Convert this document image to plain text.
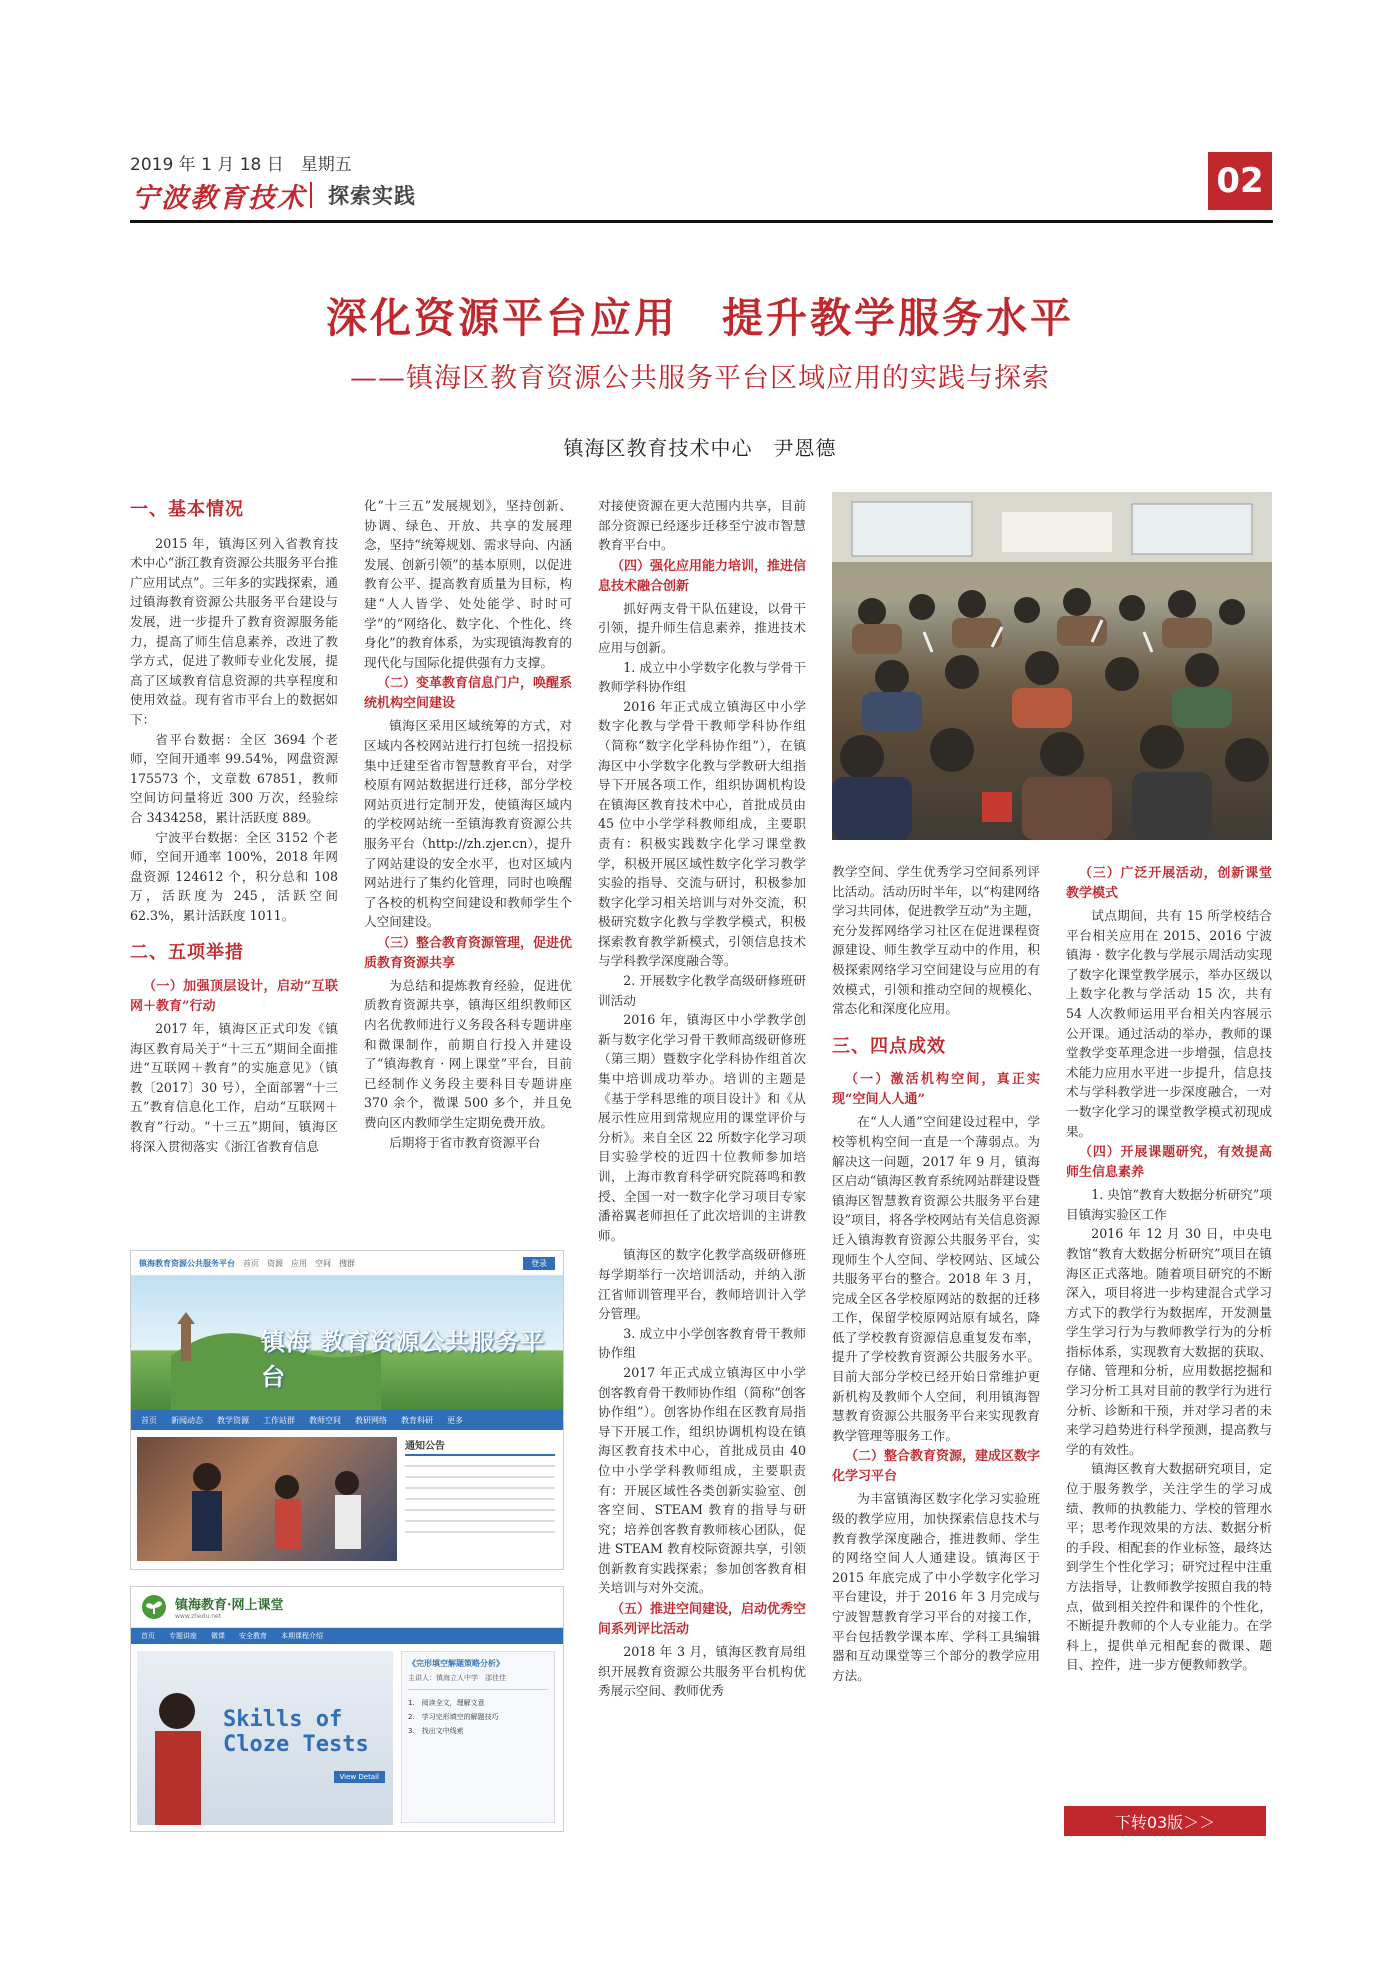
2019 年 1 月 18 日　星期五
宁波教育技术 探索实践	02
深化资源平台应用　提升教学服务水平
——镇海区教育资源公共服务平台区域应用的实践与探索
镇海区教育技术中心　尹恩德
一、基本情况

2015 年，镇海区列入省教育技术中心“浙江教育资源公共服务平台推广应用试点”。三年多的实践探索，通过镇海教育资源公共服务平台建设与发展，进一步提升了教育资源服务能力，提高了师生信息素养，改进了教学方式，促进了教师专业化发展，提高了区域教育信息资源的共享程度和使用效益。现有省市平台上的数据如下：

省平台数据：全区 3694 个老师，空间开通率 99.54%，网盘资源 175573 个，文章数 67851，教师空间访问量将近 300 万次，经验综合 3434258，累计活跃度 889。

宁波平台数据：全区 3152 个老师，空间开通率 100%，2018 年网盘资源 124612 个，积分总和 108 万，活跃度为 245，活跃空间 62.3%，累计活跃度 1011。

二、五项举措
（一）加强顶层设计，启动“互联网＋教育”行动

2017 年，镇海区正式印发《镇海区教育局关于“十三五”期间全面推进“互联网＋教育”的实施意见》（镇教〔2017〕30 号），全面部署“十三五”教育信息化工作，启动“互联网＋教育”行动。“十三五”期间，镇海区将深入贯彻落实《浙江省教育信息

化“十三五”发展规划》，坚持创新、协调、绿色、开放、共享的发展理念，坚持“统筹规划、需求导向、内涵发展、创新引领”的基本原则，以促进教育公平、提高教育质量为目标，构建“人人皆学、处处能学、时时可学”的“网络化、数字化、个性化、终身化”的教育体系，为实现镇海教育的现代化与国际化提供强有力支撑。

（二）变革教育信息门户，唤醒系统机构空间建设

镇海区采用区域统筹的方式，对区域内各校网站进行打包统一招投标集中迁建至省市智慧教育平台，对学校原有网站数据进行迁移，部分学校网站页进行定制开发，使镇海区域内的学校网站统一至镇海教育资源公共服务平台（http://zh.zjer.cn），提升了网站建设的安全水平，也对区域内网站进行了集约化管理，同时也唤醒了各校的机构空间建设和教师学生个人空间建设。

（三）整合教育资源管理，促进优质教育资源共享

为总结和提炼教育经验，促进优质教育资源共享，镇海区组织教师区内名优教师进行义务段各科专题讲座和微课制作，前期自行投入并建设了“镇海教育 · 网上课堂”平台，目前已经制作义务段主要科目专题讲座 370 余个，微课 500 多个，并且免费向区内教师学生定期免费开放。

后期将于省市教育资源平台

对接使资源在更大范围内共享，目前部分资源已经逐步迁移至宁波市智慧教育平台中。

（四）强化应用能力培训，推进信息技术融合创新

抓好两支骨干队伍建设，以骨干引领，提升师生信息素养，推进技术应用与创新。

1. 成立中小学数字化教与学骨干教师学科协作组

2016 年正式成立镇海区中小学数字化教与学骨干教师学科协作组（简称“数字化学科协作组”），在镇海区中小学数字化教与学教研大组指导下开展各项工作，组织协调机构设在镇海区教育技术中心，首批成员由 45 位中小学学科教师组成，主要职责有：积极实践数字化学习课堂教学，积极开展区域性数字化学习教学实验的指导、交流与研讨，积极参加数字化学习相关培训与对外交流，积极研究数字化教与学教学模式，积极探索教育教学新模式，引领信息技术与学科教学深度融合等。

2. 开展数字化教学高级研修班研训活动

2016 年，镇海区中小学教学创新与数字化学习骨干教师高级研修班（第三期）暨数字化学科协作组首次集中培训成功举办。培训的主题是《基于学科思维的项目设计》和《从展示性应用到常规应用的课堂评价与分析》。来自全区 22 所数字化学习项目实验学校的近四十位教师参加培训，上海市教育科学研究院蒋鸣和教授、全国一对一数字化学习项目专家潘裕翼老师担任了此次培训的主讲教师。

镇海区的数字化教学高级研修班每学期举行一次培训活动，并纳入浙江省师训管理平台，教师培训计入学分管理。

3. 成立中小学创客教育骨干教师协作组

2017 年正式成立镇海区中小学创客教育骨干教师协作组（简称“创客协作组”）。创客协作组在区教育局指导下开展工作，组织协调机构设在镇海区教育技术中心，首批成员由 40 位中小学学科教师组成，主要职责有：开展区域性各类创新实验室、创客空间、STEAM 教育的指导与研究；培养创客教育教师核心团队，促进 STEAM 教育校际资源共享，引领创新教育实践探索；参加创客教育相关培训与对外交流。

（五）推进空间建设，启动优秀空间系列评比活动

2018 年 3 月，镇海区教育局组织开展教育资源公共服务平台机构优秀展示空间、教师优秀

教学空间、学生优秀学习空间系列评比活动。活动历时半年，以“构建网络学习共同体，促进教学互动”为主题，充分发挥网络学习社区在促进课程资源建设、师生教学互动中的作用，积极探索网络学习空间建设与应用的有效模式，引领和推动空间的规模化、常态化和深度化应用。

三、四点成效
（一）激活机构空间，真正实现“空间人人通”

在“人人通”空间建设过程中，学校等机构空间一直是一个薄弱点。为解决这一问题，2017 年 9 月，镇海区启动“镇海区教育系统网站群建设暨镇海区智慧教育资源公共服务平台建设”项目，将各学校网站有关信息资源迁入镇海教育资源公共服务平台，实现师生个人空间、学校网站、区域公共服务平台的整合。2018 年 3 月，完成全区各学校原网站的数据的迁移工作，保留学校原网站原有域名，降低了学校教育资源信息重复发布率，提升了学校教育资源公共服务水平。目前大部分学校已经开始日常维护更新机构及教师个人空间，利用镇海智慧教育资源公共服务平台来实现教育教学管理等服务工作。

（二）整合教育资源，建成区数字化学习平台

为丰富镇海区数字化学习实验班级的教学应用，加快探索信息技术与教育教学深度融合，推进教师、学生的网络空间人人通建设。镇海区于 2015 年底完成了中小学数字化学习平台建设，并于 2016 年 3 月完成与宁波智慧教育学习平台的对接工作，平台包括教学课本库、学科工具编辑器和互动课堂等三个部分的教学应用方法。

（三）广泛开展活动，创新课堂教学模式

试点期间，共有 15 所学校结合平台相关应用在 2015、2016 宁波镇海 · 数字化教与学展示周活动实现了数字化课堂教学展示，举办区级以上数字化教与学活动 15 次，共有 54 人次教师运用平台相关内容展示公开课。通过活动的举办，教师的课堂教学变革理念进一步增强，信息技术能力应用水平进一步提升，信息技术与学科教学进一步深度融合，一对一数字化学习的课堂教学模式初现成果。

（四）开展课题研究，有效提高师生信息素养

1. 央馆“教育大数据分析研究”项目镇海实验区工作

2016 年 12 月 30 日，中央电教馆“教育大数据分析研究”项目在镇海区正式落地。随着项目研究的不断深入，项目将进一步构建混合式学习方式下的教学行为数据库，开发测量学生学习行为与教师教学行为的分析指标体系，实现教育大数据的获取、存储、管理和分析，应用数据挖掘和学习分析工具对目前的教学行为进行分析、诊断和干预，并对学习者的未来学习趋势进行科学预测，提高教与学的有效性。

镇海区教育大数据研究项目，定位于服务教学，关注学生的学习成绩、教师的执教能力、学校的管理水平；思考作现效果的方法、数据分析的手段、相配套的作业标签，最终达到学生个性化学习；研究过程中注重方法指导，让教师教学按照自我的特点，做到相关控件和课件的个性化，不断提升教师的个人专业能力。在学科上，提供单元相配套的微课、题目、控件，进一步方便教师教学。

下转03版＞＞
镇海教育资源公共服务平台 首页 资源 应用 空间 搜群	登录
镇海 教育资源公共服务平台
首页 新闻动态 教学资源 工作站群 教师空间 教研网络 教育科研 更多
通知公告
镇海教育·网上课堂
www.zhedu.net
首页 专题讲座 微课 安全教育 本期课程介绍
Skills of Cloze Tests
View Detail
《完形填空解题策略分析》
主讲人：镇海立人中学　邵佳佳
1.　阅读全文，理解文意
2.　学习完形填空的解题技巧
3.　找出文中线索
